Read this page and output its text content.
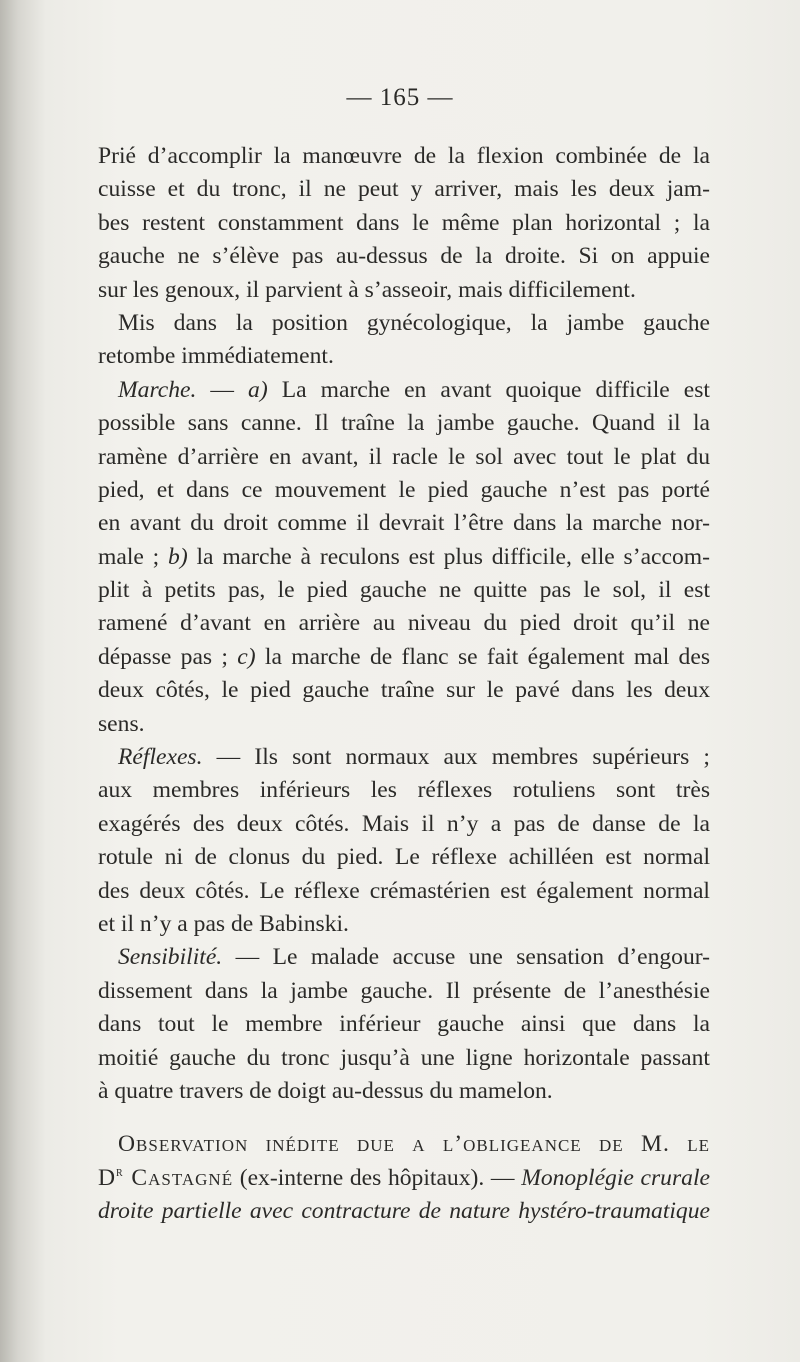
— 165 —
Prié d’accomplir la manœuvre de la flexion combinée de la
cuisse et du tronc, il ne peut y arriver, mais les deux jam-
bes restent constamment dans le même plan horizontal ; la
gauche ne s’élève pas au-dessus de la droite. Si on appuie
sur les genoux, il parvient à s’asseoir, mais difficilement.
Mis dans la position gynécologique, la jambe gauche
retombe immédiatement.
Marche. — a) La marche en avant quoique difficile est
possible sans canne. Il traîne la jambe gauche. Quand il la
ramène d’arrière en avant, il racle le sol avec tout le plat du
pied, et dans ce mouvement le pied gauche n’est pas porté
en avant du droit comme il devrait l’être dans la marche nor-
male ; b) la marche à reculons est plus difficile, elle s’accom-
plit à petits pas, le pied gauche ne quitte pas le sol, il est
ramené d’avant en arrière au niveau du pied droit qu’il ne
dépasse pas ; c) la marche de flanc se fait également mal des
deux côtés, le pied gauche traîne sur le pavé dans les deux
sens.
Réflexes. — Ils sont normaux aux membres supérieurs ;
aux membres inférieurs les réflexes rotuliens sont très
exagérés des deux côtés. Mais il n’y a pas de danse de la
rotule ni de clonus du pied. Le réflexe achilléen est normal
des deux côtés. Le réflexe crémastérien est également normal
et il n’y a pas de Babinski.
Sensibilité. — Le malade accuse une sensation d’engour-
dissement dans la jambe gauche. Il présente de l’anesthésie
dans tout le membre inférieur gauche ainsi que dans la
moitié gauche du tronc jusqu’à une ligne horizontale passant
à quatre travers de doigt au-dessus du mamelon.
Observation inédite due a l’obligeance de M. le
$D^r$ Castagné (ex-interne des hôpitaux). — Monoplégie crurale
droite partielle avec contracture de nature hystéro-traumatique
